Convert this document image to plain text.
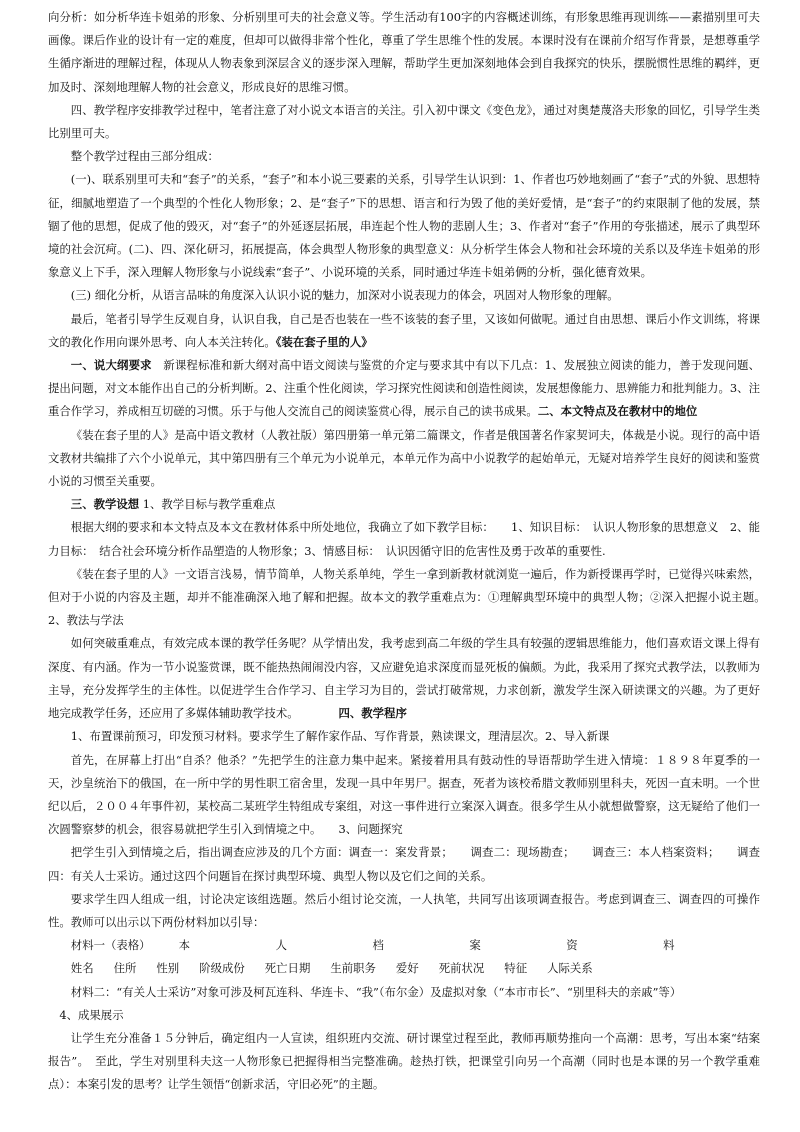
向分析：如分析华连卡姐弟的形象、分析别里可夫的社会意义等。学生活动有100字的内容概述训练，有形象思维再现训练——素描别里可夫画像。课后作业的设计有一定的难度，但却可以做得非常个性化，尊重了学生思维个性的发展。本课时没有在课前介绍写作背景，是想尊重学生循序渐进的理解过程，体现从人物表象到深层含义的逐步深入理解，帮助学生更加深刻地体会到自我探究的快乐，摆脱惯性思维的羁绊，更加及时、深刻地理解人物的社会意义，形成良好的思维习惯。

四、教学程序安排教学过程中，笔者注意了对小说文本语言的关注。引入初中课文《变色龙》，通过对奥楚蔑洛夫形象的回忆，引导学生类比别里可夫。

整个教学过程由三部分组成：

(一)、联系别里可夫和“套子”的关系，“套子”和本小说三要素的关系，引导学生认识到：1、作者也巧妙地刻画了“套子”式的外貌、思想特征，细腻地塑造了一个典型的个性化人物形象；2、是“套子”下的思想、语言和行为毁了他的美好爱情，是“套子”的约束限制了他的发展，禁锢了他的思想，促成了他的毁灭，对“套子”的外延逐层拓展，串连起个性人物的悲剧人生；3、作者对“套子”作用的夸张描述，展示了典型环境的社会沉疴。(二)、四、深化研习，拓展提高，体会典型人物形象的典型意义：从分析学生体会人物和社会环境的关系以及华连卡姐弟的形象意义上下手，深入理解人物形象与小说线索“套子”、小说环境的关系，同时通过华连卡姐弟俩的分析，强化德育效果。

(三) 细化分析，从语言品味的角度深入认识小说的魅力，加深对小说表现力的体会，巩固对人物形象的理解。

最后，笔者引导学生反观自身，认识自我，自己是否也装在一些不该装的套子里，又该如何做呢。通过自由思想、课后小作文训练，将课文的教化作用向课外思考、向人本关注转化。《装在套子里的人》

一、说大纲要求　 新课程标准和新大纲对高中语文阅读与鉴赏的介定与要求其中有以下几点：1、发展独立阅读的能力，善于发现问题、提出问题，对文本能作出自己的分析判断。2、注重个性化阅读，学习探究性阅读和创造性阅读，发展想像能力、思辨能力和批判能力。3、注重合作学习，养成相互切磋的习惯。乐于与他人交流自己的阅读鉴赏心得，展示自己的读书成果。二、本文特点及在教材中的地位

《装在套子里的人》是高中语文教材（人教社版）第四册第一单元第二篇课文，作者是俄国著名作家契诃夫，体裁是小说。现行的高中语文教材共编排了六个小说单元，其中第四册有三个单元为小说单元，本单元作为高中小说教学的起始单元，无疑对培养学生良好的阅读和鉴赏小说的习惯至关重要。

三、教学设想 1、教学目标与教学重难点

根据大纲的要求和本文特点及本文在教材体系中所处地位，我确立了如下教学目标：　　1、知识目标：　认识人物形象的思想意义　2、能力目标：　结合社会环境分析作品塑造的人物形象；3、情感目标：　认识因循守旧的危害性及勇于改革的重要性.

《装在套子里的人》一文语言浅易，情节简单，人物关系单纯，学生一拿到新教材就浏览一遍后，作为新授课再学时，已觉得兴味索然，但对于小说的内容及主题，却并不能准确深入地了解和把握。故本文的教学重难点为：①理解典型环境中的典型人物；②深入把握小说主题。　　2、教法与学法

如何突破重难点，有效完成本课的教学任务呢？从学情出发，我考虑到高二年级的学生具有较强的逻辑思维能力，他们喜欢语文课上得有深度、有内涵。作为一节小说鉴赏课，既不能热热闹闹没内容，又应避免追求深度而显死板的偏颇。为此，我采用了探究式教学法，以教师为主导，充分发挥学生的主体性。以促进学生合作学习、自主学习为目的，尝试打破常规，力求创新，激发学生深入研读课文的兴趣。为了更好地完成教学任务，还应用了多媒体辅助教学技术。　　　　	四、教学程序

1、布置课前预习，印发预习材料。要求学生了解作家作品、写作背景，熟读课文，理清层次。2、导入新课

首先，在屏幕上打出“自杀？他杀？”先把学生的注意力集中起来。紧接着用具有鼓动性的导语帮助学生进入情境：１８９８年夏季的一天，沙皇统治下的俄国，在一所中学的男性职工宿舍里，发现一具中年男尸。据查，死者为该校希腊文教师别里科夫，死因一直未明。一个世纪以后，２００４年事件初，某校高二某班学生特组成专案组，对这一事件进行立案深入调查。很多学生从小就想做警察，这无疑给了他们一次圆警察梦的机会，很容易就把学生引入到情境之中。　　3、问题探究

把学生引入到情境之后，指出调查应涉及的几个方面：调查一：案发背景；　　调查二：现场勘查；　　调查三：本人档案资料；　　调查四：有关人士采访。通过这四个问题旨在探讨典型环境、典型人物以及它们之间的关系。

要求学生四人组成一组，讨论决定该组选题。然后小组讨论交流，一人执笔，共同写出该项调查报告。考虑到调查三、调查四的可操作性。教师可以出示以下两份材料加以引导：

材料一（表格）	本	人	档	案	资	料
姓名 住所 性别 阶级成份 死亡日期 生前职务 爱好 死前状况 特征 人际关系

材料二：“有关人士采访”对象可涉及柯瓦连科、华连卡、“我”（布尔金）及虚拟对象（“本市市长”、“别里科夫的亲戚”等）

4、成果展示

让学生充分准备１５分钟后，确定组内一人宣读，组织班内交流、研讨课堂过程至此，教师再顺势推向一个高潮：思考，写出本案“结案报告”。　至此，学生对别里科夫这一人物形象已把握得相当完整准确。趁热打铁，把课堂引向另一个高潮（同时也是本课的另一个教学重难点）：本案引发的思考？让学生领悟“创新求活，守旧必死”的主题。
